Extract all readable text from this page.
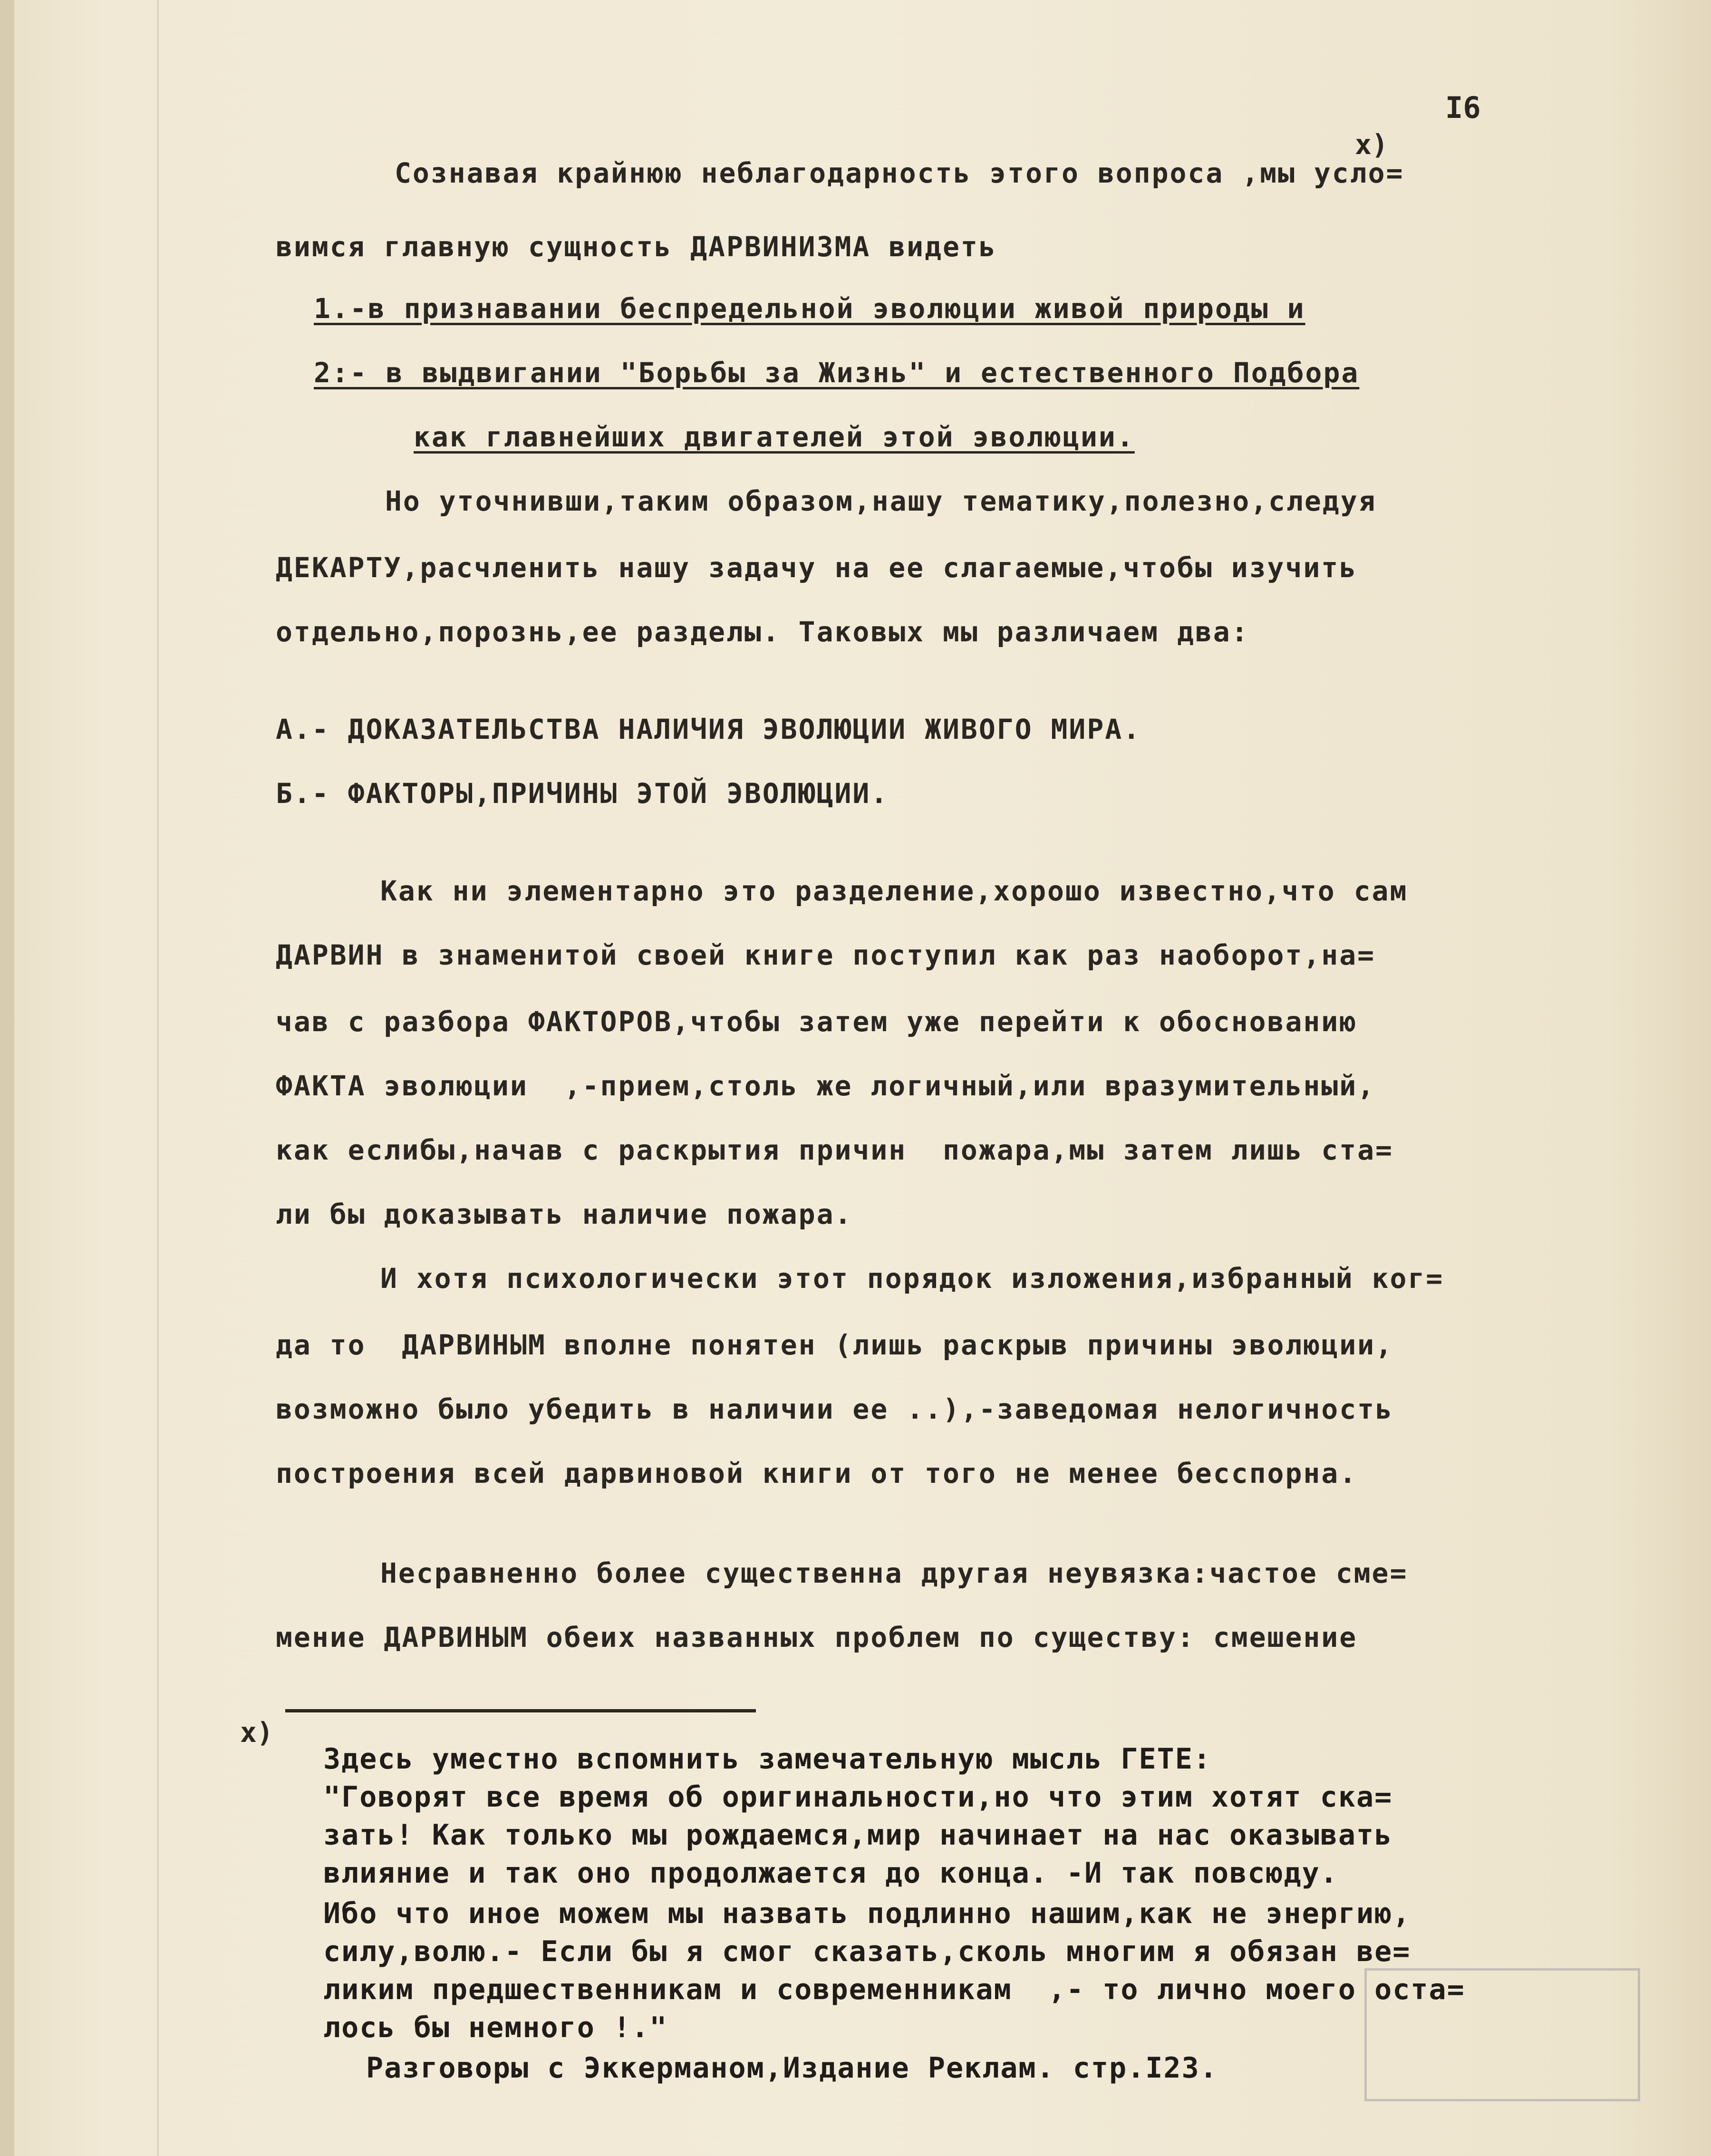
I6
x)
Сознавая крайнюю неблагодарность этого вопроса ,мы усло=
вимся главную сущность ДАРВИНИЗМА видеть
1.-в признавании беспредельной эволюции живой природы и
2:- в выдвигании "Борьбы за Жизнь" и естественного Подбора
как главнейших двигателей этой эволюции.
Но уточнивши,таким образом,нашу тематику,полезно,следуя
ДЕКАРТУ,расчленить нашу задачу на ее слагаемые,чтобы изучить
отдельно,порознь,ее разделы. Таковых мы различаем два:
А.- ДОКАЗАТЕЛЬСТВА НАЛИЧИЯ ЭВОЛЮЦИИ ЖИВОГО МИРА.
Б.- ФАКТОРЫ,ПРИЧИНЫ ЭТОЙ ЭВОЛЮЦИИ.
Как ни элементарно это разделение,хорошо известно,что сам
ДАРВИН в знаменитой своей книге поступил как раз наоборот,на=
чав с разбора ФАКТОРОВ,чтобы затем уже перейти к обоснованию
ФАКТА эволюции  ,-прием,столь же логичный,или вразумительный,
как еслибы,начав с раскрытия причин  пожара,мы затем лишь ста=
ли бы доказывать наличие пожара.
И хотя психологически этот порядок изложения,избранный ког=
да то  ДАРВИНЫМ вполне понятен (лишь раскрыв причины эволюции,
возможно было убедить в наличии ее ..),-заведомая нелогичность
построения всей дарвиновой книги от того не менее бесспорна.
Несравненно более существенна другая неувязка:частое сме=
мение ДАРВИНЫМ обеих названных проблем по существу: смешение
x)
Здесь уместно вспомнить замечательную мысль ГЕТЕ:
"Говорят все время об оригинальности,но что этим хотят ска=
зать! Как только мы рождаемся,мир начинает на нас оказывать
влияние и так оно продолжается до конца. -И так повсюду.
Ибо что иное можем мы назвать подлинно нашим,как не энергию,
силу,волю.- Если бы я смог сказать,сколь многим я обязан ве=
ликим предшественникам и современникам  ,- то лично моего оста=
лось бы немного !."
Разговоры с Эккерманом,Издание Реклам. стр.I23.
